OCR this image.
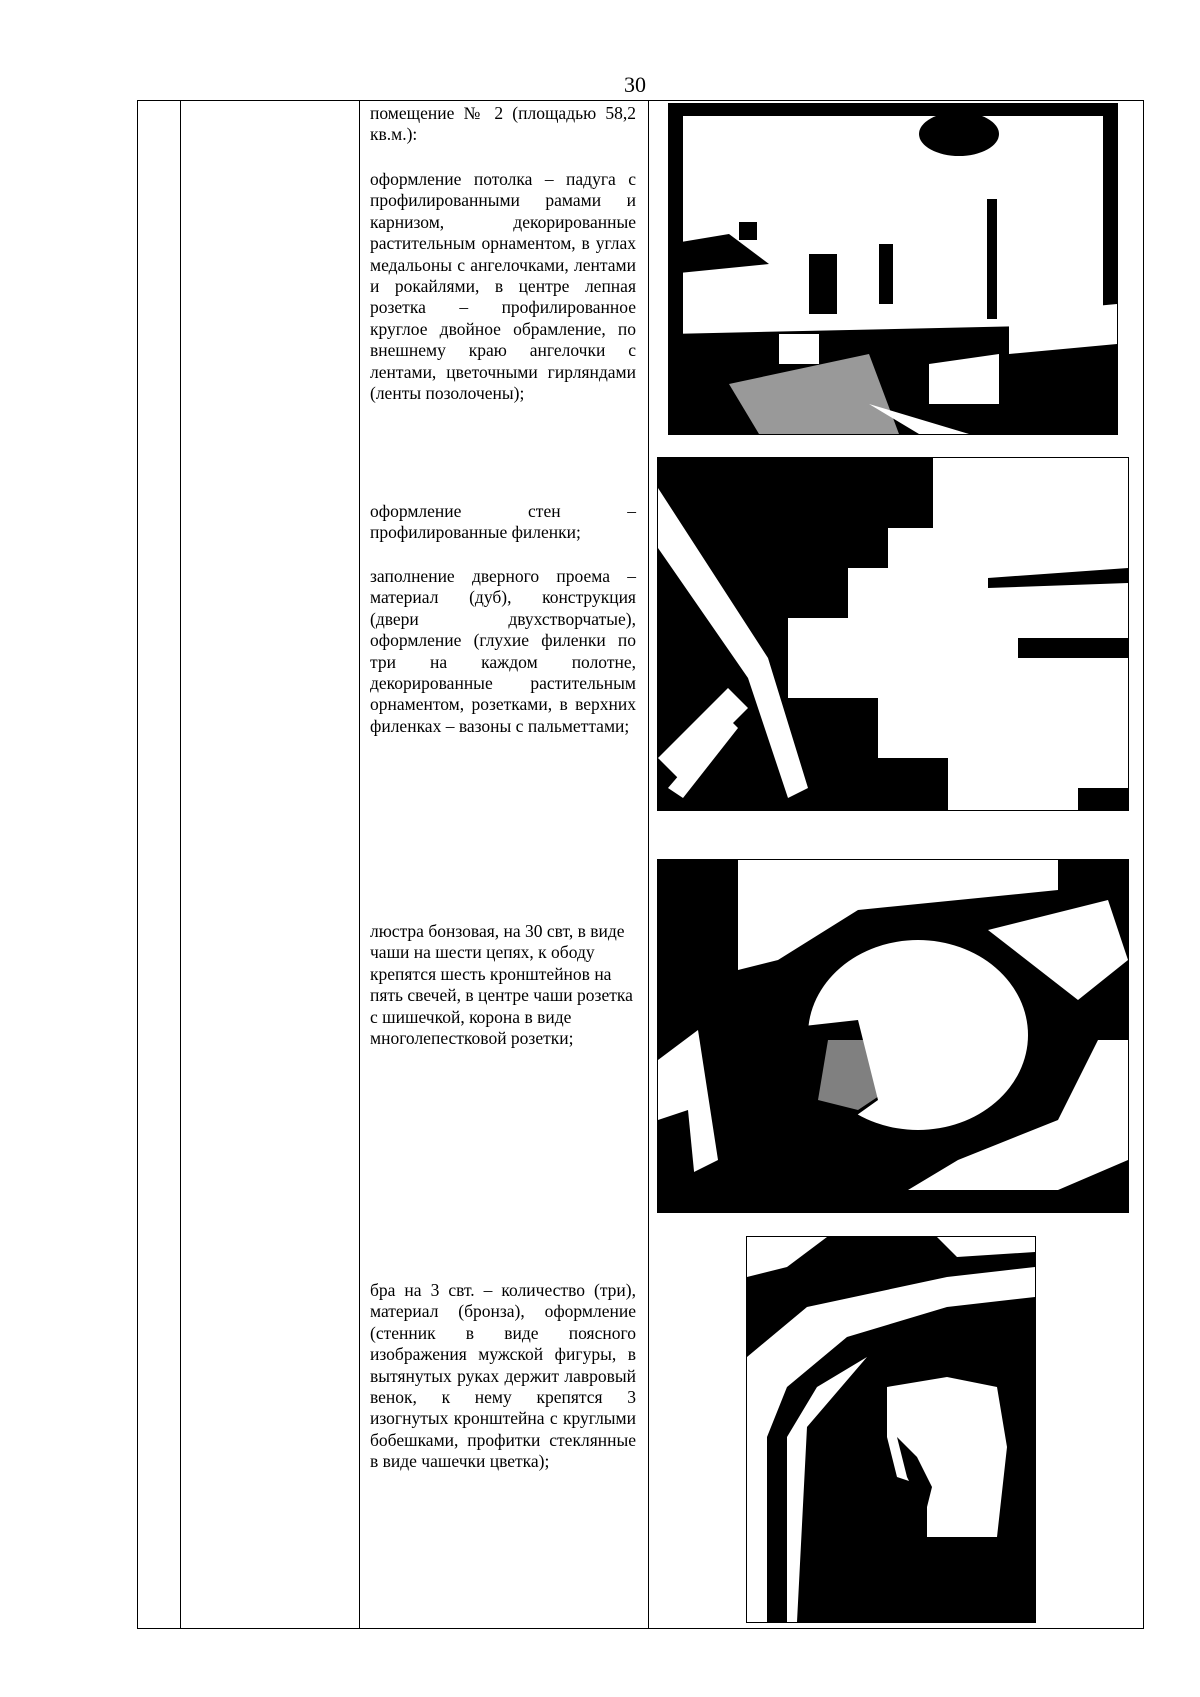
30

помещение № 2 (площадью 58,2 кв.м.):
оформление потолка – падуга с профилированными рамами и карнизом, декорированные растительным орнаментом, в углах медальоны с ангелочками, лентами и рокайлями, в центре лепная розетка – профилированное круглое двойное обрамление, по внешнему краю ангелочки с лентами, цветочными гирляндами (ленты позолочены);
оформление стен – профилированные филенки;
заполнение дверного проема – материал (дуб), конструкция (двери двухстворчатые), оформление (глухие филенки по три на каждом полотне, декорированные растительным орнаментом, розетками, в верхних филенках – вазоны с пальметтами;
люстра бонзовая, на 30 свт, в виде чаши на шести цепях, к ободу крепятся шесть кронштейнов на пять свечей, в центре чаши розетка с шишечкой, корона в виде многолепестковой розетки;
бра на 3 свт. – количество (три), материал (бронза), оформление (стенник в виде поясного изображения мужской фигуры, в вытянутых руках держит лавровый венок, к нему крепятся 3 изогнутых кронштейна с круглыми бобешками, профитки стеклянные в виде чашечки цветка);
